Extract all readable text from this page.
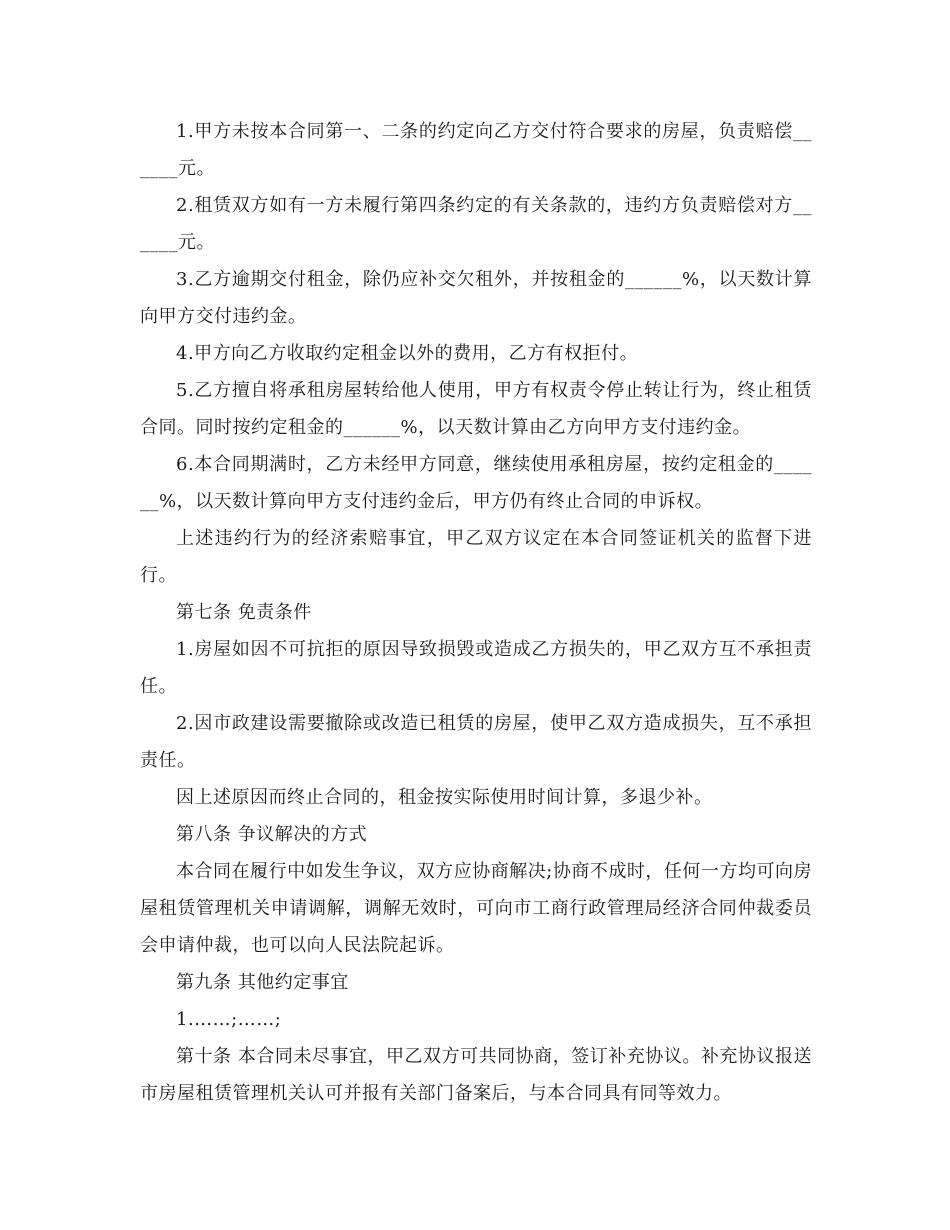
1.甲方未按本合同第一、二条的约定向乙方交付符合要求的房屋，负责赔偿______元。

2.租赁双方如有一方未履行第四条约定的有关条款的，违约方负责赔偿对方______元。

3.乙方逾期交付租金，除仍应补交欠租外，并按租金的______%，以天数计算向甲方交付违约金。

4.甲方向乙方收取约定租金以外的费用，乙方有权拒付。

5.乙方擅自将承租房屋转给他人使用，甲方有权责令停止转让行为，终止租赁合同。同时按约定租金的______%，以天数计算由乙方向甲方支付违约金。

6.本合同期满时，乙方未经甲方同意，继续使用承租房屋，按约定租金的______%，以天数计算向甲方支付违约金后，甲方仍有终止合同的申诉权。

上述违约行为的经济索赔事宜，甲乙双方议定在本合同签证机关的监督下进行。

第七条 免责条件

1.房屋如因不可抗拒的原因导致损毁或造成乙方损失的，甲乙双方互不承担责任。

2.因市政建设需要撤除或改造已租赁的房屋，使甲乙双方造成损失，互不承担责任。

因上述原因而终止合同的，租金按实际使用时间计算，多退少补。

第八条 争议解决的方式

本合同在履行中如发生争议，双方应协商解决;协商不成时，任何一方均可向房屋租赁管理机关申请调解，调解无效时，可向市工商行政管理局经济合同仲裁委员会申请仲裁，也可以向人民法院起诉。

第九条 其他约定事宜

1.……;……;

第十条 本合同未尽事宜，甲乙双方可共同协商，签订补充协议。补充协议报送市房屋租赁管理机关认可并报有关部门备案后，与本合同具有同等效力。
